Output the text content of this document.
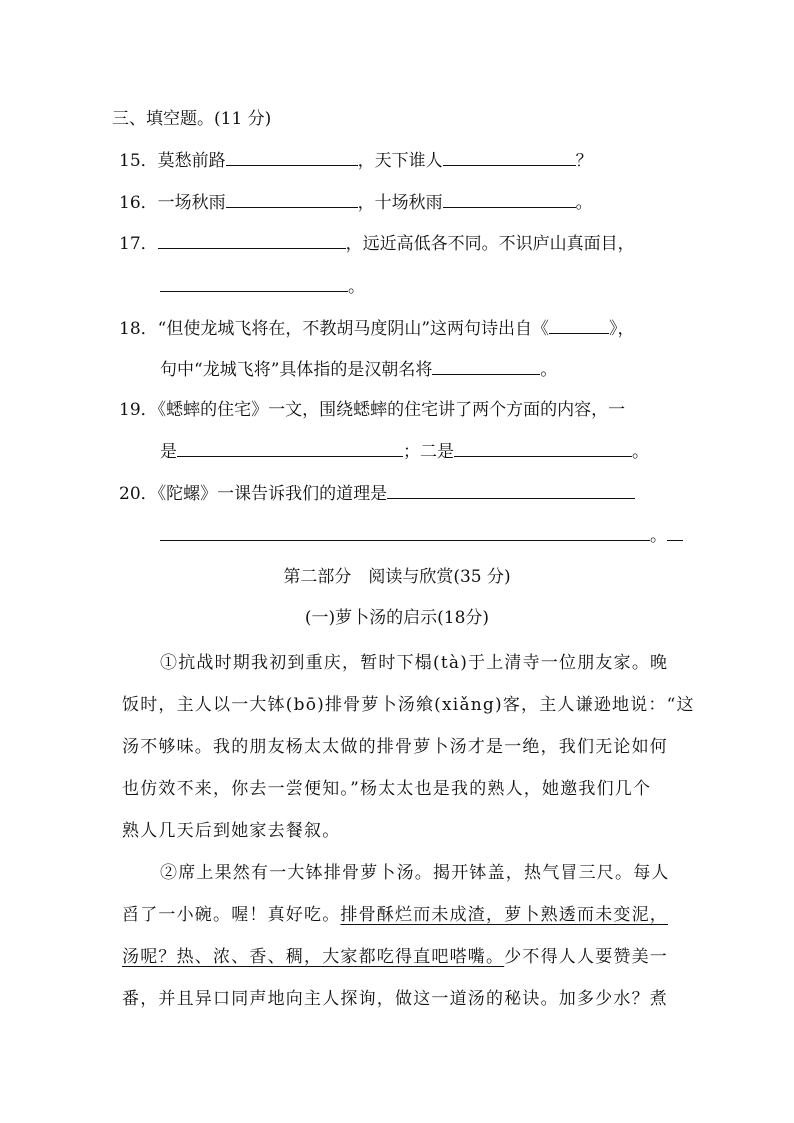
三、填空题。(11 分)
15．莫愁前路	，天下谁人	？
16．一场秋雨	，十场秋雨	。
17．	，远近高低各不同。不识庐山真面目，
。
18．“但使龙城飞将在，不教胡马度阴山”这两句诗出自《	》，
句中“龙城飞将”具体指的是汉朝名将	。
19．《蟋蟀的住宅》一文，围绕蟋蟀的住宅讲了两个方面的内容，一
是	；二是	。
20．《陀螺》一课告诉我们的道理是
。
第二部分　阅读与欣赏(35 分)
(一)萝卜汤的启示(18分)
①抗战时期我初到重庆，暂时下榻(tà)于上清寺一位朋友家。晚
饭时，主人以一大钵(bō)排骨萝卜汤飨(xiǎng)客，主人谦逊地说：“这
汤不够味。我的朋友杨太太做的排骨萝卜汤才是一绝，我们无论如何
也仿效不来，你去一尝便知。”杨太太也是我的熟人，她邀我们几个
熟人几天后到她家去餐叙。
②席上果然有一大钵排骨萝卜汤。揭开钵盖，热气冒三尺。每人
舀了一小碗。喔！真好吃。排骨酥烂而未成渣，萝卜熟透而未变泥，
汤呢？热、浓、香、稠，大家都吃得直吧嗒嘴。少不得人人要赞美一
番，并且异口同声地向主人探询，做这一道汤的秘诀。加多少水？煮
